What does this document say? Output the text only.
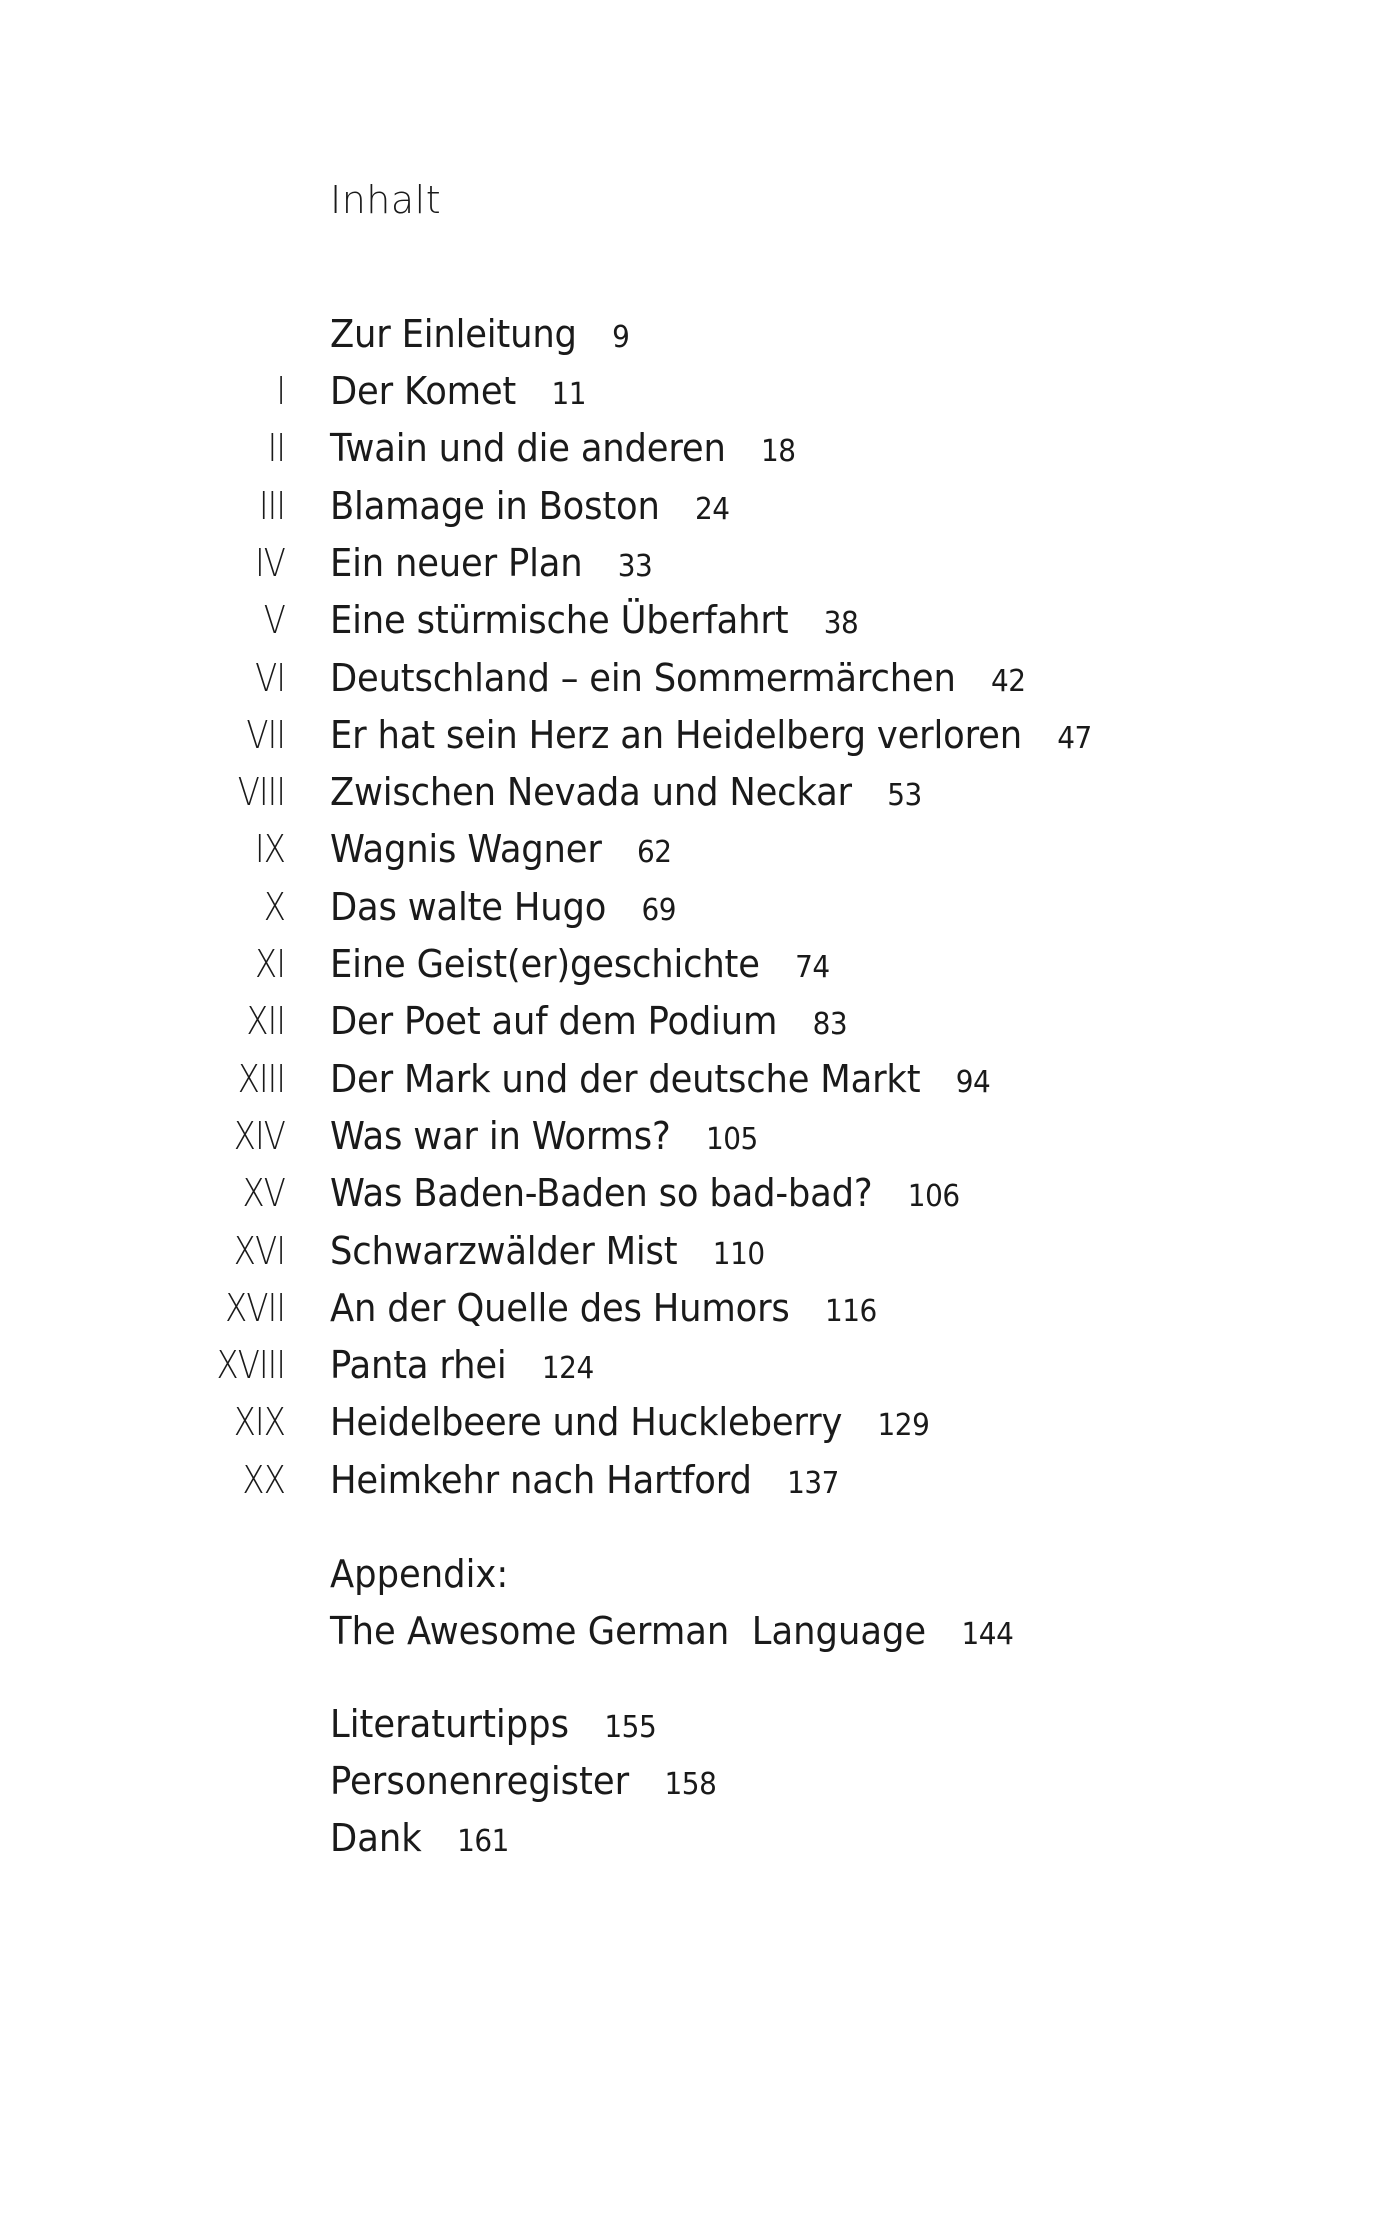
Inhalt
Zur Einleitung 9
I Der Komet 11
II Twain und die anderen 18
III Blamage in Boston 24
IV Ein neuer Plan 33
V Eine stürmische Überfahrt 38
VI Deutschland – ein Sommermärchen 42
VII Er hat sein Herz an Heidelberg verloren 47
VIII Zwischen Nevada und Neckar 53
IX Wagnis Wagner 62
X Das walte Hugo 69
XI Eine Geist(er)geschichte 74
XII Der Poet auf dem Podium 83
XIII Der Mark und der deutsche Markt 94
XIV Was war in Worms? 105
XV Was Baden-Baden so bad-bad? 106
XVI Schwarzwälder Mist 110
XVII An der Quelle des Humors 116
XVIII Panta rhei 124
XIX Heidelbeere und Huckleberry 129
XX Heimkehr nach Hartford 137
Appendix:
The Awesome German  Language 144
Literaturtipps 155
Personenregister 158
Dank 161
